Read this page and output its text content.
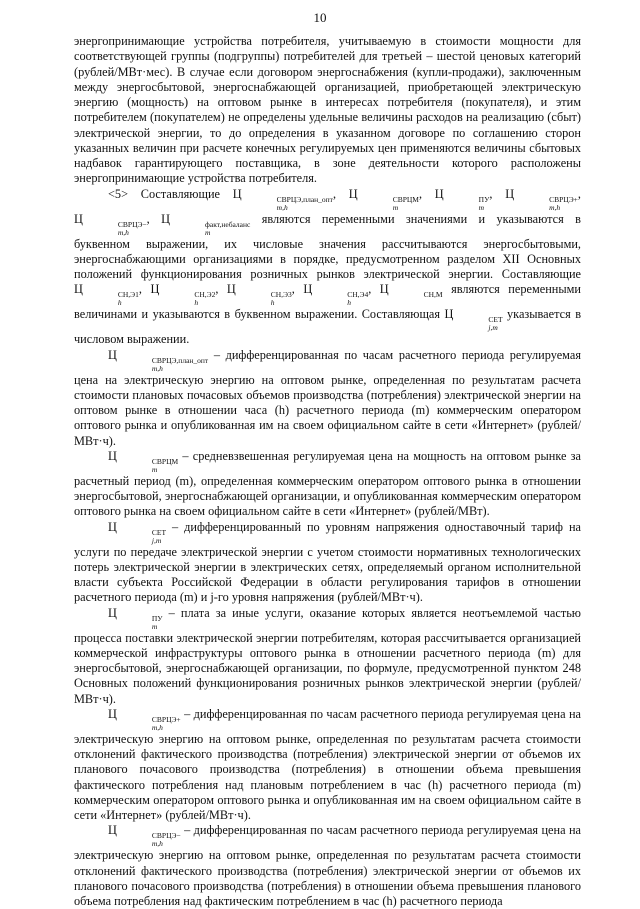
10

энергопринимающие устройства потребителя, учитываемую в стоимости мощности для соответствующей группы (подгруппы) потребителей для третьей – шестой ценовых категорий (рублей/МВт·мес). В случае если договором энергоснабжения (купли-продажи), заключенным между энергосбытовой, энергоснабжающей организацией, приобретающей электрическую энергию (мощность) на оптовом рынке в интересах потребителя (покупателя), и этим потребителем (покупателем) не определены удельные величины расходов на реализацию (сбыт) электрической энергии, то до определения в указанном договоре по соглашению сторон указанных величин при расчете конечных регулируемых цен применяются величины сбытовых надбавок гарантирующего поставщика, в зоне деятельности которого расположены энергопринимающие устройства потребителя.

<5> Составляющие Ц	СВРЦЭ,план_опт
m,h
, Ц	СВРЦМ
m
, Ц	ПУ
m
, Ц	СВРЦЭ+
m,h
, Ц	СВРЦЭ−
m,h
, Ц	факт,небаланс
m
являются переменными значениями и указываются в буквенном выражении, их числовые значения рассчитываются энергосбытовыми, энергоснабжающими организациями в порядке, предусмотренном разделом XII Основных положений функционирования розничных рынков электрической энергии. Составляющие Ц	СН,Э1
h
, Ц	СН,Э2
h
, Ц	СН,Э3
h
, Ц	СН,Э4
h
, Ц	СН,М
являются переменными величинами и указываются в буквенном выражении. Составляющая Ц	СЕТ
j,m
указывается в числовом выражении.

Ц	СВРЦЭ,план_опт
m,h
– дифференцированная по часам расчетного периода регулируемая цена на электрическую энергию на оптовом рынке, определенная по результатам расчета стоимости плановых почасовых объемов производства (потребления) электрической энергии на оптовом рынке в отношении часа (h) расчетного периода (m) коммерческим оператором оптового рынка и опубликованная им на своем официальном сайте в сети «Интернет» (рублей/МВт·ч).

Ц	СВРЦМ
m
– средневзвешенная регулируемая цена на мощность на оптовом рынке за расчетный период (m), определенная коммерческим оператором оптового рынка в отношении энергосбытовой, энергоснабжающей организации, и опубликованная коммерческим оператором оптового рынка на своем официальном сайте в сети «Интернет» (рублей/МВт).

Ц	СЕТ
j,m
– дифференцированный по уровням напряжения одноставочный тариф на услуги по передаче электрической энергии с учетом стоимости нормативных технологических потерь электрической энергии в электрических сетях, определяемый органом исполнительной власти субъекта Российской Федерации в области регулирования тарифов в отношении расчетного периода (m) и j-го уровня напряжения (рублей/МВт·ч).

Ц	ПУ
m
– плата за иные услуги, оказание которых является неотъемлемой частью процесса поставки электрической энергии потребителям, которая рассчитывается организацией коммерческой инфраструктуры оптового рынка в отношении расчетного периода (m) для энергосбытовой, энергоснабжающей организации, по формуле, предусмотренной пунктом 248 Основных положений функционирования розничных рынков электрической энергии (рублей/МВт·ч).

Ц	СВРЦЭ+
m,h
– дифференцированная по часам расчетного периода регулируемая цена на электрическую энергию на оптовом рынке, определенная по результатам расчета стоимости отклонений фактического производства (потребления) электрической энергии от объемов их планового почасового производства (потребления) в отношении объема превышения фактического потребления над плановым потреблением в час (h) расчетного периода (m) коммерческим оператором оптового рынка и опубликованная им на своем официальном сайте в сети «Интернет» (рублей/МВт·ч).

Ц	СВРЦЭ−
m,h
– дифференцированная по часам расчетного периода регулируемая цена на электрическую энергию на оптовом рынке, определенная по результатам расчета стоимости отклонений фактического производства (потребления) электрической энергии от объемов их планового почасового производства (потребления) в отношении объема превышения планового объема потребления над фактическим потреблением в час (h) расчетного периода
